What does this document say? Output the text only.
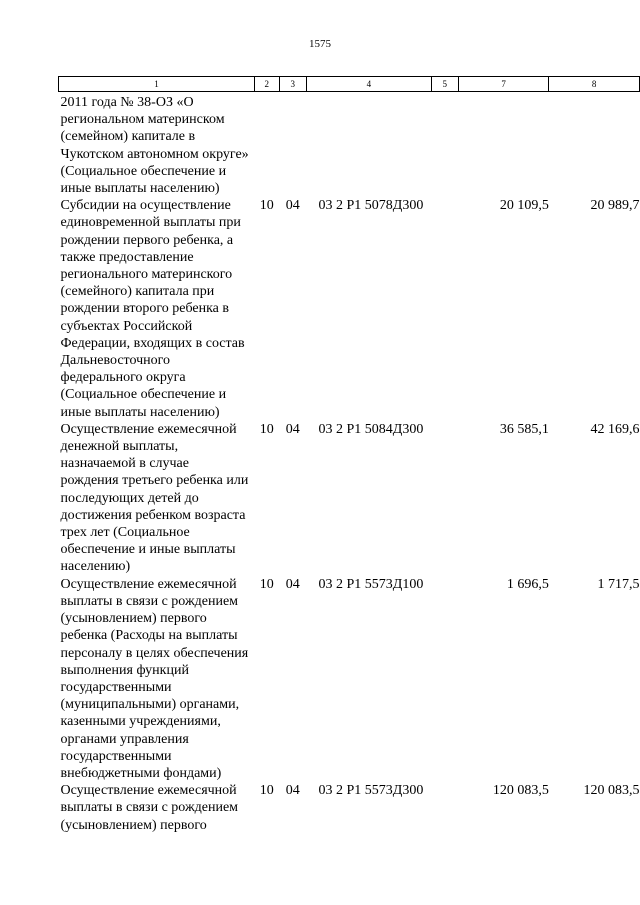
1575
1	2	3	4	5	7	8
2011 года № 38-ОЗ «О региональном материнском (семейном) капитале в Чукотском автономном округе» (Социальное обеспечение и иные выплаты населению)						
Субсидии на осуществление единовременной выплаты при рождении первого ребенка, а также предоставление регионального материнского (семейного) капитала при рождении второго ребенка в субъектах Российской Федерации, входящих в состав Дальневосточного федерального округа (Социальное обеспечение и иные выплаты населению)	10	04	03 2 Р1 5078Д300		20 109,5	20 989,7
Осуществление ежемесячной денежной выплаты, назначаемой в случае рождения третьего ребенка или последующих детей до достижения ребенком возраста трех лет (Социальное обеспечение и иные выплаты населению)	10	04	03 2 Р1 5084Д300		36 585,1	42 169,6
Осуществление ежемесячной выплаты в связи с рождением (усыновлением) первого ребенка (Расходы на выплаты персоналу в целях обеспечения выполнения функций государственными (муниципальными) органами, казенными учреждениями, органами управления государственными внебюджетными фондами)	10	04	03 2 Р1 5573Д100		1 696,5	1 717,5
Осуществление ежемесячной выплаты в связи с рождением (усыновлением) первого	10	04	03 2 Р1 5573Д300		120 083,5	120 083,5
